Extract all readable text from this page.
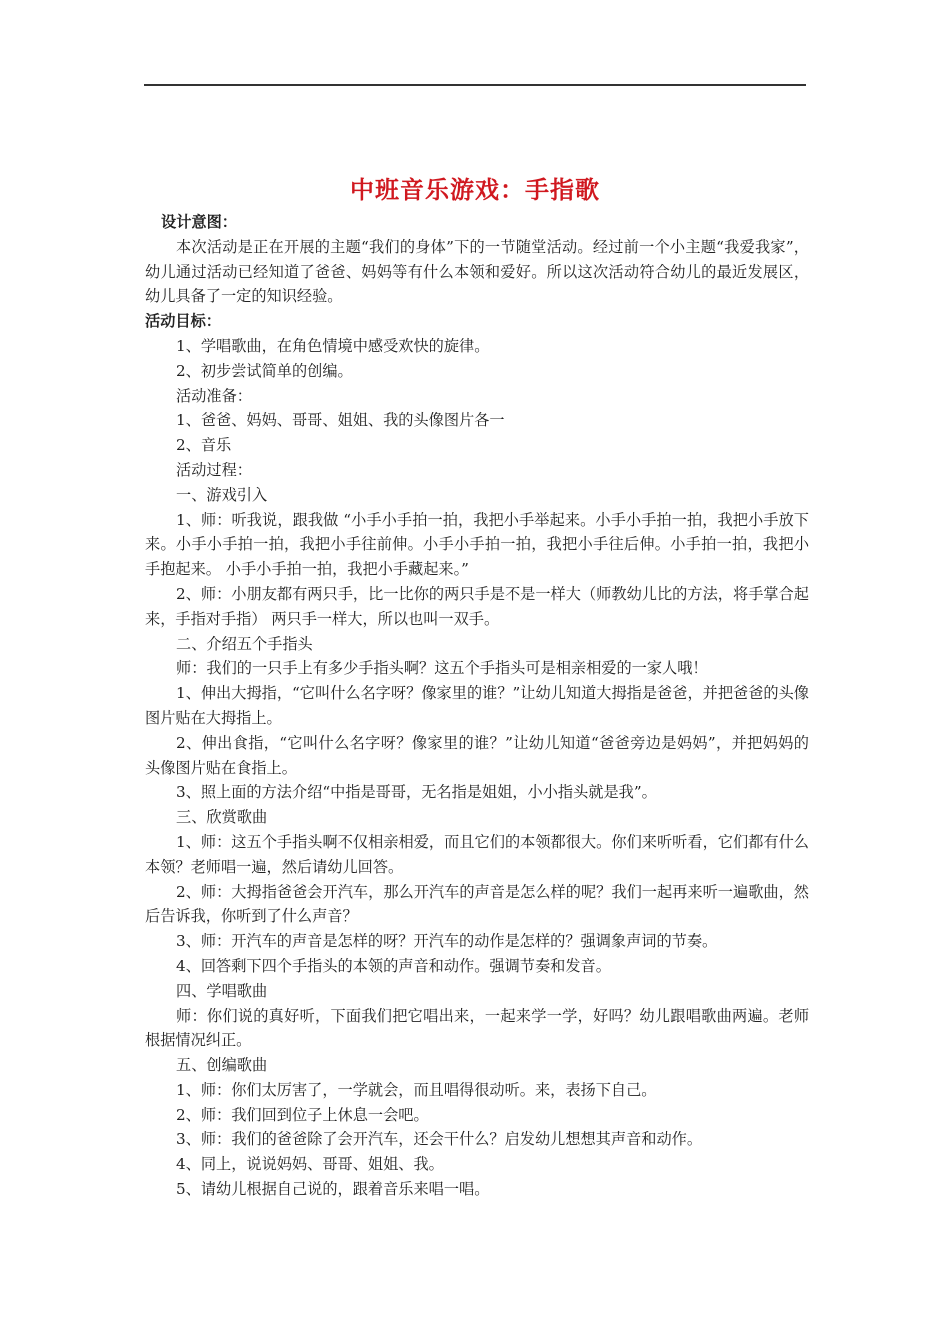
中班音乐游戏：手指歌

设计意图：

本次活动是正在开展的主题“我们的身体”下的一节随堂活动。经过前一个小主题“我爱我家”，幼儿通过活动已经知道了爸爸、妈妈等有什么本领和爱好。所以这次活动符合幼儿的最近发展区，幼儿具备了一定的知识经验。

活动目标：

1、学唱歌曲，在角色情境中感受欢快的旋律。

2、初步尝试简单的创编。

活动准备：

1、爸爸、妈妈、哥哥、姐姐、我的头像图片各一

2、音乐

活动过程：

一、游戏引入

1、师：听我说，跟我做 “小手小手拍一拍，我把小手举起来。小手小手拍一拍，我把小手放下来。小手小手拍一拍，我把小手往前伸。小手小手拍一拍，我把小手往后伸。小手拍一拍，我把小手抱起来。 小手小手拍一拍，我把小手藏起来。”

2、师：小朋友都有两只手，比一比你的两只手是不是一样大（师教幼儿比的方法，将手掌合起来，手指对手指） 两只手一样大，所以也叫一双手。

二、介绍五个手指头

师：我们的一只手上有多少手指头啊？这五个手指头可是相亲相爱的一家人哦！

1、伸出大拇指，“它叫什么名字呀？像家里的谁？”让幼儿知道大拇指是爸爸，并把爸爸的头像图片贴在大拇指上。

2、伸出食指，“它叫什么名字呀？像家里的谁？”让幼儿知道“爸爸旁边是妈妈”，并把妈妈的头像图片贴在食指上。

3、照上面的方法介绍“中指是哥哥，无名指是姐姐，小小指头就是我”。

三、欣赏歌曲

1、师：这五个手指头啊不仅相亲相爱，而且它们的本领都很大。你们来听听看，它们都有什么本领？老师唱一遍，然后请幼儿回答。

2、师：大拇指爸爸会开汽车，那么开汽车的声音是怎么样的呢？我们一起再来听一遍歌曲，然后告诉我，你听到了什么声音？

3、师：开汽车的声音是怎样的呀？开汽车的动作是怎样的？强调象声词的节奏。

4、回答剩下四个手指头的本领的声音和动作。强调节奏和发音。

四、学唱歌曲

师：你们说的真好听，下面我们把它唱出来，一起来学一学，好吗？幼儿跟唱歌曲两遍。老师根据情况纠正。

五、创编歌曲

1、师：你们太厉害了，一学就会，而且唱得很动听。来，表扬下自己。

2、师：我们回到位子上休息一会吧。

3、师：我们的爸爸除了会开汽车，还会干什么？启发幼儿想想其声音和动作。

4、同上，说说妈妈、哥哥、姐姐、我。

5、请幼儿根据自己说的，跟着音乐来唱一唱。
